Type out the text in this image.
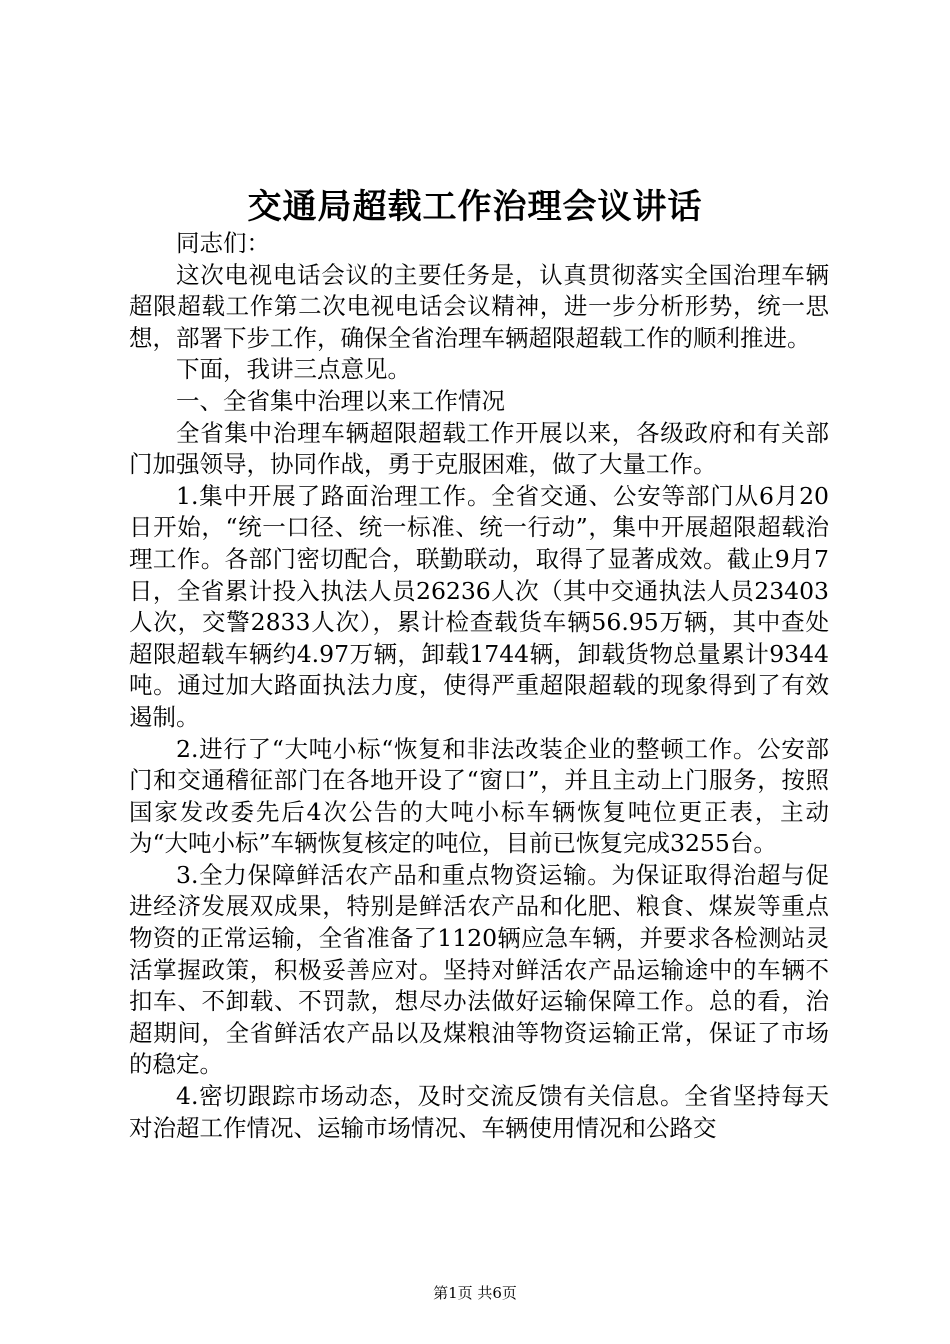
交通局超载工作治理会议讲话

同志们：

这次电视电话会议的主要任务是，认真贯彻落实全国治理车辆超限超载工作第二次电视电话会议精神，进一步分析形势，统一思想，部署下步工作，确保全省治理车辆超限超载工作的顺利推进。

下面，我讲三点意见。

一、全省集中治理以来工作情况

全省集中治理车辆超限超载工作开展以来，各级政府和有关部门加强领导，协同作战，勇于克服困难，做了大量工作。

1.集中开展了路面治理工作。全省交通、公安等部门从6月20日开始，“统一口径、统一标准、统一行动”，集中开展超限超载治理工作。各部门密切配合，联勤联动，取得了显著成效。截止9月7日，全省累计投入执法人员26236人次（其中交通执法人员23403人次，交警2833人次），累计检查载货车辆56.95万辆，其中查处超限超载车辆约4.97万辆，卸载1744辆，卸载货物总量累计9344吨。通过加大路面执法力度，使得严重超限超载的现象得到了有效遏制。

2.进行了“大吨小标“恢复和非法改装企业的整顿工作。公安部门和交通稽征部门在各地开设了“窗口”，并且主动上门服务，按照国家发改委先后4次公告的大吨小标车辆恢复吨位更正表，主动为“大吨小标”车辆恢复核定的吨位，目前已恢复完成3255台。

3.全力保障鲜活农产品和重点物资运输。为保证取得治超与促进经济发展双成果，特别是鲜活农产品和化肥、粮食、煤炭等重点物资的正常运输，全省准备了1120辆应急车辆，并要求各检测站灵活掌握政策，积极妥善应对。坚持对鲜活农产品运输途中的车辆不扣车、不卸载、不罚款，想尽办法做好运输保障工作。总的看，治超期间，全省鲜活农产品以及煤粮油等物资运输正常，保证了市场的稳定。

4.密切跟踪市场动态，及时交流反馈有关信息。全省坚持每天对治超工作情况、运输市场情况、车辆使用情况和公路交

第1页 共6页
